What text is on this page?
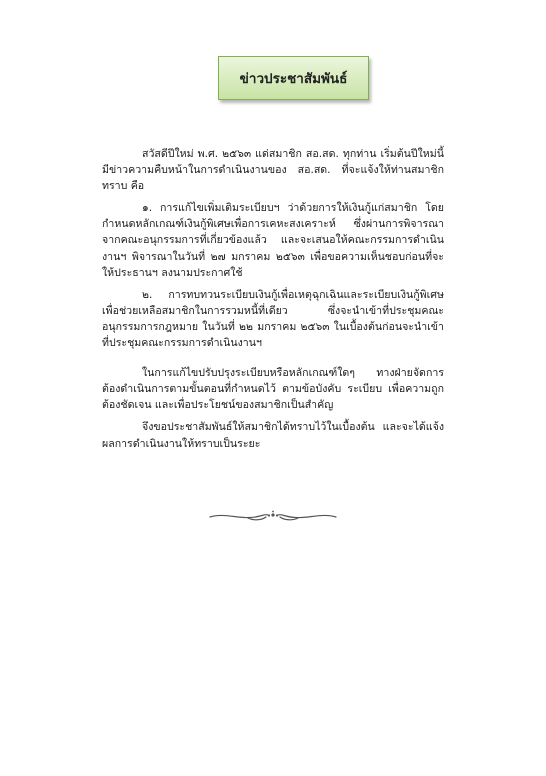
ข่าวประชาสัมพันธ์

สวัสดีปีใหม่ พ.ศ. ๒๕๖๓ แด่สมาชิก สอ.สด. ทุกท่าน เริ่มต้นปีใหม่นี้มีข่าวความคืบหน้าในการดำเนินงานของ สอ.สด. ที่จะแจ้งให้ท่านสมาชิกทราบ คือ

๑. การแก้ไขเพิ่มเติมระเบียบฯ ว่าด้วยการให้เงินกู้แก่สมาชิก โดยกำหนดหลักเกณฑ์เงินกู้พิเศษเพื่อการเคหะสงเคราะห์ ซึ่งผ่านการพิจารณาจากคณะอนุกรรมการที่เกี่ยวข้องแล้ว และจะเสนอให้คณะกรรมการดำเนินงานฯ พิจารณาในวันที่ ๒๗ มกราคม ๒๕๖๓ เพื่อขอความเห็นชอบก่อนที่จะให้ประธานฯ ลงนามประกาศใช้

๒. การทบทวนระเบียบเงินกู้เพื่อเหตุฉุกเฉินและระเบียบเงินกู้พิเศษเพื่อช่วยเหลือสมาชิกในการรวมหนี้ที่เดียว ซึ่งจะนำเข้าที่ประชุมคณะอนุกรรมการกฎหมาย ในวันที่ ๒๒ มกราคม ๒๕๖๓ ในเบื้องต้นก่อนจะนำเข้าที่ประชุมคณะกรรมการดำเนินงานฯ

ในการแก้ไขปรับปรุงระเบียบหรือหลักเกณฑ์ใดๆ ทางฝ่ายจัดการต้องดำเนินการตามขั้นตอนที่กำหนดไว้ ตามข้อบังคับ ระเบียบ เพื่อความถูกต้องชัดเจน และเพื่อประโยชน์ของสมาชิกเป็นสำคัญ

จึงขอประชาสัมพันธ์ให้สมาชิกได้ทราบไว้ในเบื้องต้น และจะได้แจ้งผลการดำเนินงานให้ทราบเป็นระยะ
